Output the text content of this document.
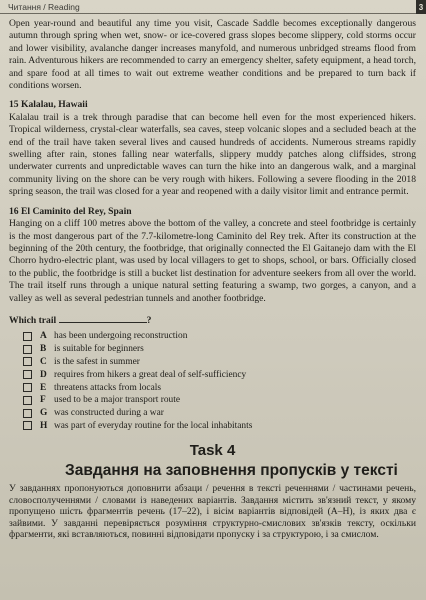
Читання / Reading	3

Open year-round and beautiful any time you visit, Cascade Saddle becomes exceptionally dangerous autumn through spring when wet, snow- or ice-covered grass slopes become slippery, cold storms occur and lower visibility, avalanche danger increases manyfold, and numerous unbridged streams flood from rain. Adventurous hikers are recommended to carry an emergency shelter, safety equipment, a head torch, and spare food at all times to wait out extreme weather conditions and be prepared to turn back if conditions worsen.

15 Kalalau, Hawaii

Kalalau trail is a trek through paradise that can become hell even for the most experienced hikers. Tropical wilderness, crystal-clear waterfalls, sea caves, steep volcanic slopes and a secluded beach at the end of the trail have taken several lives and caused hundreds of accidents. Numerous streams rapidly swelling after rain, stones falling near waterfalls, slippery muddy patches along cliffsides, strong underwater currents and unpredictable waves can turn the hike into an dangerous walk, and a marginal community living on the shore can be very rough with hikers. Following a severe flooding in the 2018 spring season, the trail was closed for a year and reopened with a daily visitor limit and entrance permit.

16 El Caminito del Rey, Spain

Hanging on a cliff 100 metres above the bottom of the valley, a concrete and steel footbridge is certainly is the most dangerous part of the 7.7-kilometre-long Caminito del Rey trek. After its construction at the beginning of the 20th century, the footbridge, that originally connected the El Gaitanejo dam with the El Chorro hydro-electric plant, was used by local villagers to get to shops, school, or bars. Officially closed to the public, the footbridge is still a bucket list destination for adventure seekers from all over the world. The trail itself runs through a unique natural setting featuring a swamp, two gorges, a canyon, and a valley as well as several pedestrian tunnels and another footbridge.

Which trail	?
A has been undergoing reconstruction
B is suitable for beginners
C is the safest in summer
D requires from hikers a great deal of self-sufficiency
E threatens attacks from locals
F used to be a major transport route
G was constructed during a war
H was part of everyday routine for the local inhabitants
Task 4
Завдання на заповнення пропусків у тексті

У завданнях пропонуються доповнити абзаци / речення в тексті реченнями / частинами речень, словосполученнями / словами із наведених варіантів. Завдання містить зв'язний текст, у якому пропущено шість фрагментів речень (17–22), і вісім варіантів відповідей (A–H), із яких два є зайвими. У завданні перевіряється розуміння структурно-смислових зв'язків тексту, оскільки фрагменти, які вставляються, повинні відповідати пропуску і за структурою, і за смислом.
